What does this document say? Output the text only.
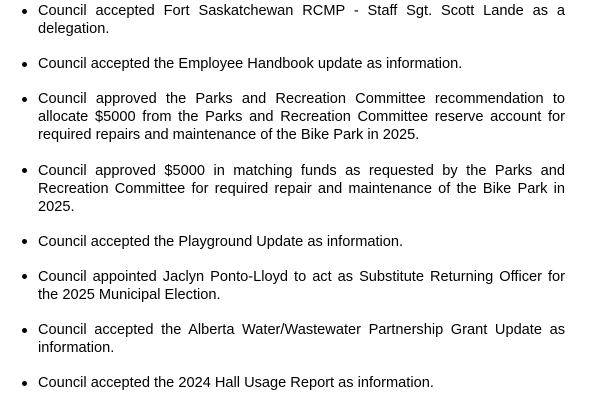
Council accepted Fort Saskatchewan RCMP - Staff Sgt. Scott Lande as a delegation.
Council accepted the Employee Handbook update as information.
Council approved the Parks and Recreation Committee recommendation to allocate $5000 from the Parks and Recreation Committee reserve account for required repairs and maintenance of the Bike Park in 2025.
Council approved $5000 in matching funds as requested by the Parks and Recreation Committee for required repair and maintenance of the Bike Park in 2025.
Council accepted the Playground Update as information.
Council appointed Jaclyn Ponto-Lloyd to act as Substitute Returning Officer for the 2025 Municipal Election.
Council accepted the Alberta Water/Wastewater Partnership Grant Update as information.
Council accepted the 2024 Hall Usage Report as information.
